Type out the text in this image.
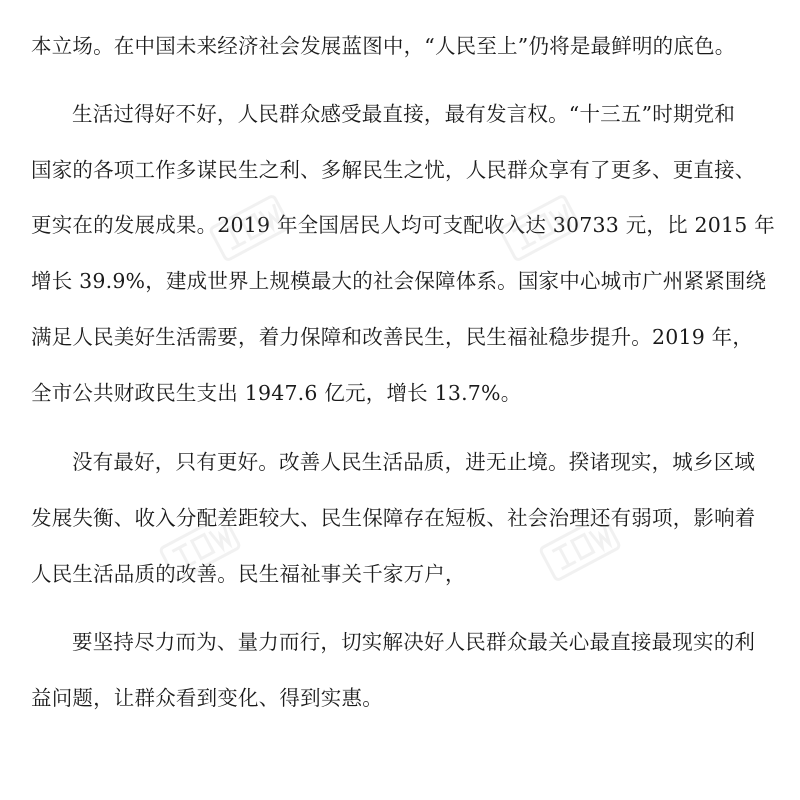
本立场。在中国未来经济社会发展蓝图中，“人民至上”仍将是最鲜明的底色。
生活过得好不好，人民群众感受最直接，最有发言权。“十三五”时期党和
国家的各项工作多谋民生之利、多解民生之忧，人民群众享有了更多、更直接、
更实在的发展成果。2019 年全国居民人均可支配收入达 30733 元，比 2015 年
增长 39.9%，建成世界上规模最大的社会保障体系。国家中心城市广州紧紧围绕
满足人民美好生活需要，着力保障和改善民生，民生福祉稳步提升。2019 年，
全市公共财政民生支出 1947.6 亿元，增长 13.7%。
没有最好，只有更好。改善人民生活品质，进无止境。揆诸现实，城乡区域
发展失衡、收入分配差距较大、民生保障存在短板、社会治理还有弱项，影响着
人民生活品质的改善。民生福祉事关千家万户，
要坚持尽力而为、量力而行，切实解决好人民群众最关心最直接最现实的利
益问题，让群众看到变化、得到实惠。
